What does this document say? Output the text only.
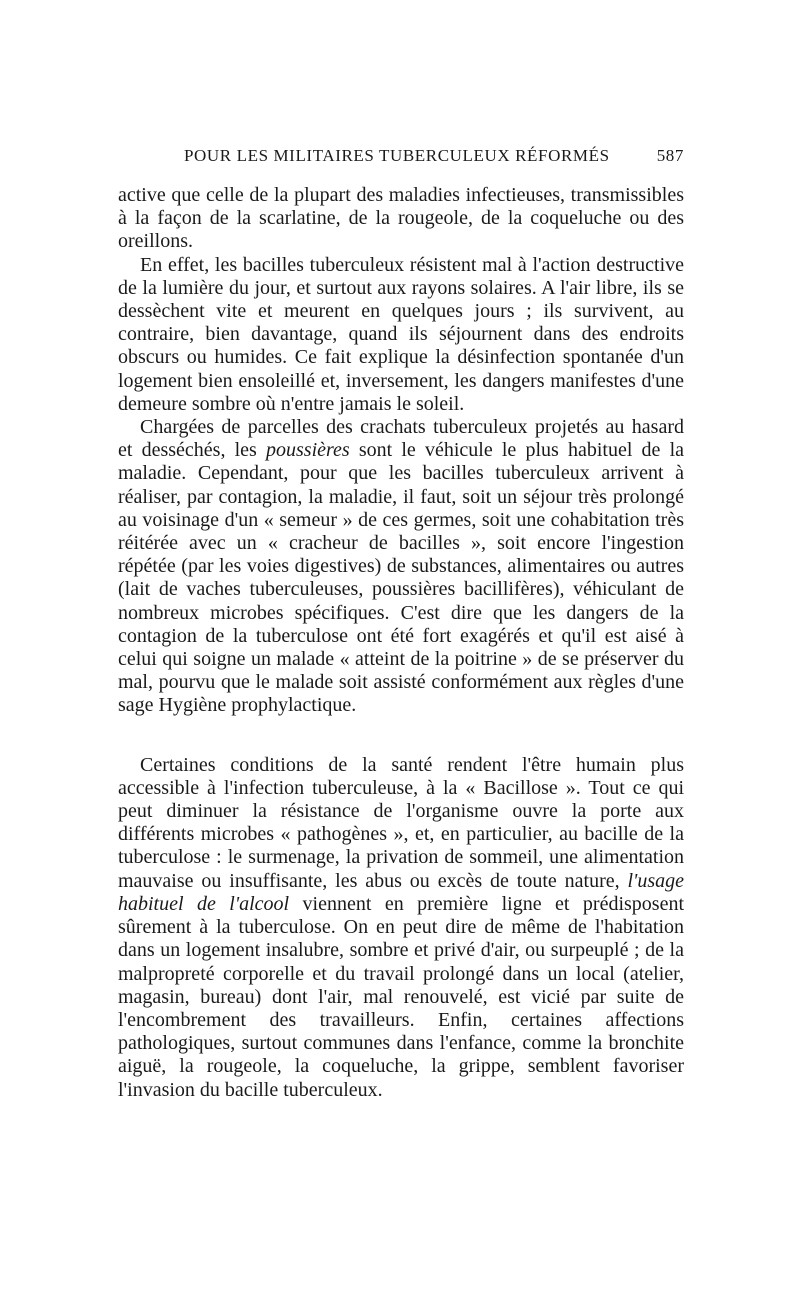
POUR LES MILITAIRES TUBERCULEUX RÉFORMÉS	587

active que celle de la plupart des maladies infectieuses, transmissibles à la façon de la scarlatine, de la rougeole, de la coqueluche ou des oreillons.

En effet, les bacilles tuberculeux résistent mal à l'action destructive de la lumière du jour, et surtout aux rayons solaires. A l'air libre, ils se dessèchent vite et meurent en quelques jours ; ils survivent, au contraire, bien davantage, quand ils séjournent dans des endroits obscurs ou humides. Ce fait explique la désinfection spontanée d'un logement bien ensoleillé et, inversement, les dangers manifestes d'une demeure sombre où n'entre jamais le soleil.

Chargées de parcelles des crachats tuberculeux projetés au hasard et desséchés, les poussières sont le véhicule le plus habituel de la maladie. Cependant, pour que les bacilles tuberculeux arrivent à réaliser, par contagion, la maladie, il faut, soit un séjour très prolongé au voisinage d'un « semeur » de ces germes, soit une cohabitation très réitérée avec un « cracheur de bacilles », soit encore l'ingestion répétée (par les voies digestives) de substances, alimentaires ou autres (lait de vaches tuberculeuses, poussières bacillifères), véhiculant de nombreux microbes spécifiques. C'est dire que les dangers de la contagion de la tuberculose ont été fort exagérés et qu'il est aisé à celui qui soigne un malade « atteint de la poitrine » de se préserver du mal, pourvu que le malade soit assisté conformément aux règles d'une sage Hygiène prophylactique.

Certaines conditions de la santé rendent l'être humain plus accessible à l'infection tuberculeuse, à la « Bacillose ». Tout ce qui peut diminuer la résistance de l'organisme ouvre la porte aux différents microbes « pathogènes », et, en particulier, au bacille de la tuberculose : le surmenage, la privation de sommeil, une alimentation mauvaise ou insuffisante, les abus ou excès de toute nature, l'usage habituel de l'alcool viennent en première ligne et prédisposent sûrement à la tuberculose. On en peut dire de même de l'habitation dans un logement insalubre, sombre et privé d'air, ou surpeuplé ; de la malpropreté corporelle et du travail prolongé dans un local (atelier, magasin, bureau) dont l'air, mal renouvelé, est vicié par suite de l'encombrement des travailleurs. Enfin, certaines affections pathologiques, surtout communes dans l'enfance, comme la bronchite aiguë, la rougeole, la coqueluche, la grippe, semblent favoriser l'invasion du bacille tuberculeux.
